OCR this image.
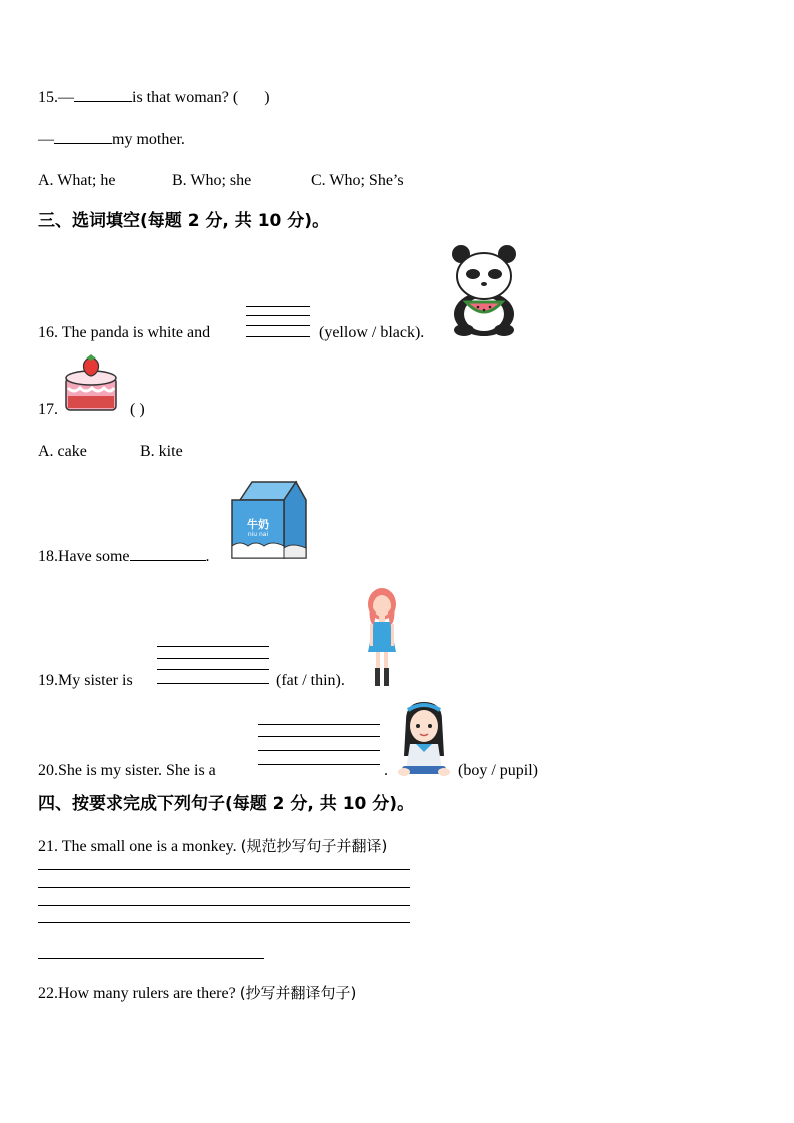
15.—	is that woman? ( )
—	my mother.
A. What; he	B. Who; she	C. Who; She’s
三、选词填空(每题 2 分, 共 10 分)。
16. The panda is white and	(yellow / black).
17.	( )
A. cake	B. kite
18.Have some	.
牛奶
niu nai
19.My sister is	(fat / thin).
20.She is my sister. She is a	.	(boy / pupil)
四、按要求完成下列句子(每题 2 分, 共 10 分)。
21. The small one is a monkey. (规范抄写句子并翻译)
22.How many rulers are there? (抄写并翻译句子)
